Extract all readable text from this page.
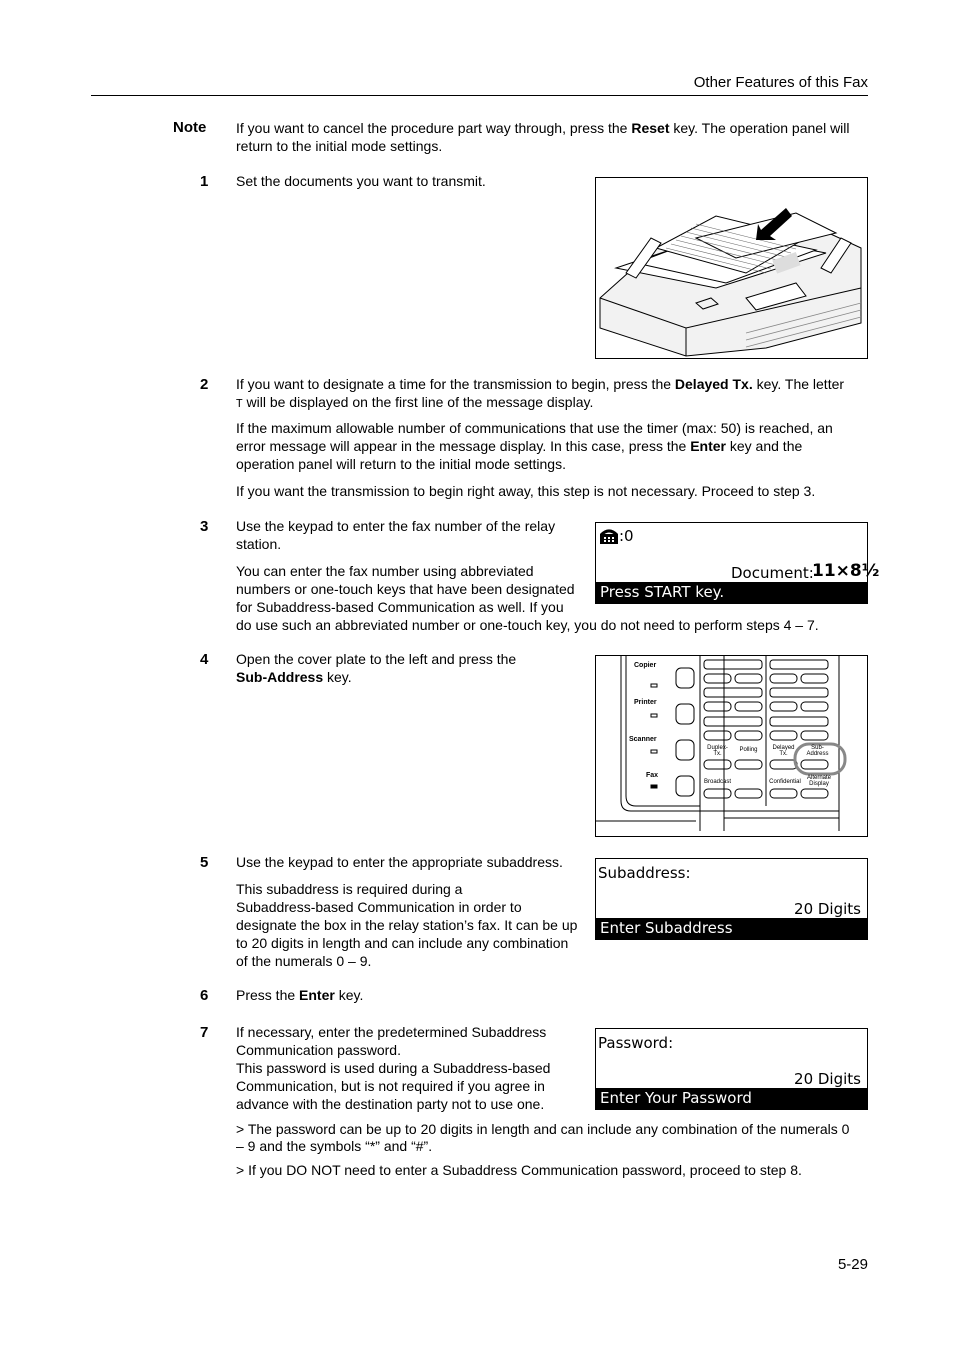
Other Features of this Fax
Note If you want to cancel the procedure part way through, press the Reset key. The operation panel will
return to the initial mode settings.
1 Set the documents you want to transmit.
2 If you want to designate a time for the transmission to begin, press the Delayed Tx. key. The letter
T will be displayed on the first line of the message display.
If the maximum allowable number of communications that use the timer (max: 50) is reached, an
error message will appear in the message display. In this case, press the Enter key and the
operation panel will return to the initial mode settings.
If you want the transmission to begin right away, this step is not necessary. Proceed to step 3.
3 Use the keypad to enter the fax number of the relay
station.
You can enter the fax number using abbreviated
numbers or one-touch keys that have been designated
for Subaddress-based Communication as well. If you
do use such an abbreviated number or one-touch key, you do not need to perform steps 4 – 7.
:0
Document:
11×8½
Press START key.
4 Open the cover plate to the left and press the
Sub-Address key.
Copier
Printer
Scanner
Fax
Duplex-Tx.
Polling	Delayed Tx.
Sub-Address
Broadcast	Confidential
Alternate Display
5 Use the keypad to enter the appropriate subaddress.
This subaddress is required during a
Subaddress-based Communication in order to
designate the box in the relay station’s fax. It can be up
to 20 digits in length and can include any combination
of the numerals 0 – 9.
Subaddress:
20 Digits
Enter Subaddress
6 Press the Enter key.
7 If necessary, enter the predetermined Subaddress
Communication password.
This password is used during a Subaddress-based
Communication, but is not required if you agree in
advance with the destination party not to use one.
Password:
20 Digits
Enter Your Password
> The password can be up to 20 digits in length and can include any combination of the numerals 0
– 9 and the symbols “*” and “#”.
> If you DO NOT need to enter a Subaddress Communication password, proceed to step 8.
5-29
